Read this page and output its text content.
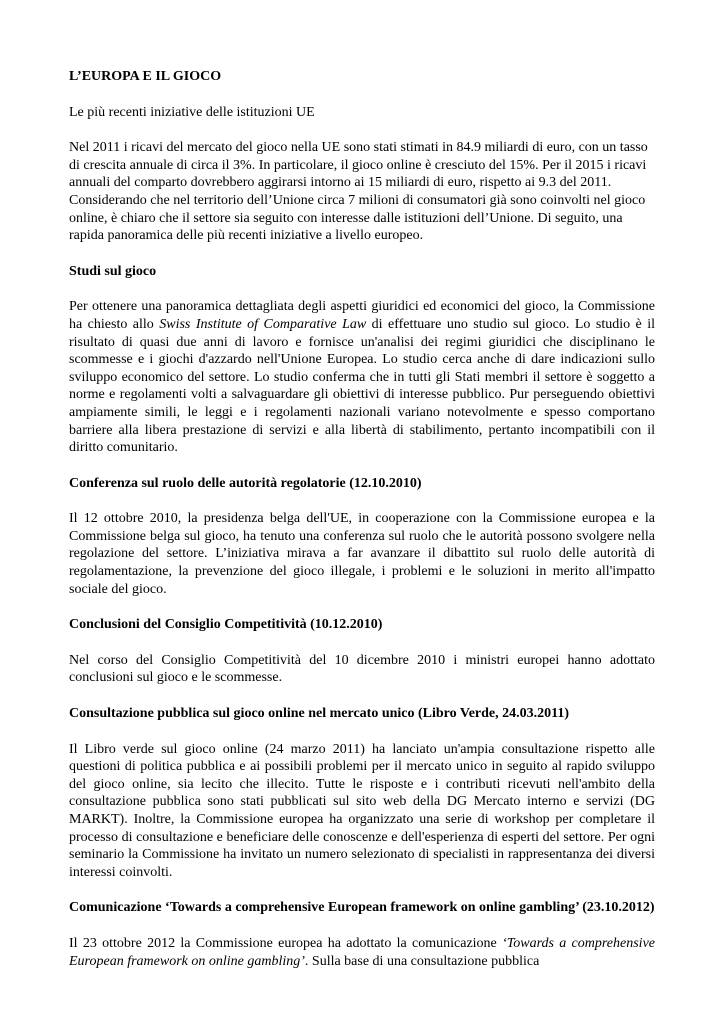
L’EUROPA E IL GIOCO
Le più recenti iniziative delle istituzioni UE

Nel 2011 i ricavi del mercato del gioco nella UE sono stati stimati in 84.9 miliardi di euro, con un tasso di crescita annuale di circa il 3%. In particolare, il gioco online è cresciuto del 15%. Per il 2015 i ricavi annuali del comparto dovrebbero aggirarsi intorno ai 15 miliardi di euro, rispetto ai 9.3 del 2011. Considerando che nel territorio dell’Unione circa 7 milioni di consumatori già sono coinvolti nel gioco online, è chiaro che il settore sia seguito con interesse dalle istituzioni dell’Unione. Di seguito, una rapida panoramica delle più recenti iniziative a livello europeo.

Studi sul gioco

Per ottenere una panoramica dettagliata degli aspetti giuridici ed economici del gioco, la Commissione ha chiesto allo Swiss Institute of Comparative Law di effettuare uno studio sul gioco. Lo studio è il risultato di quasi due anni di lavoro e fornisce un'analisi dei regimi giuridici che disciplinano le scommesse e i giochi d'azzardo nell'Unione Europea. Lo studio cerca anche di dare indicazioni sullo sviluppo economico del settore. Lo studio conferma che in tutti gli Stati membri il settore è soggetto a norme e regolamenti volti a salvaguardare gli obiettivi di interesse pubblico. Pur perseguendo obiettivi ampiamente simili, le leggi e i regolamenti nazionali variano notevolmente e spesso comportano barriere alla libera prestazione di servizi e alla libertà di stabilimento, pertanto incompatibili con il diritto comunitario.

Conferenza sul ruolo delle autorità regolatorie (12.10.2010)

Il 12 ottobre 2010, la presidenza belga dell'UE, in cooperazione con la Commissione europea e la Commissione belga sul gioco, ha tenuto una conferenza sul ruolo che le autorità possono svolgere nella regolazione del settore. L’iniziativa mirava a far avanzare il dibattito sul ruolo delle autorità di regolamentazione, la prevenzione del gioco illegale, i problemi e le soluzioni in merito all'impatto sociale del gioco.

Conclusioni del Consiglio Competitività (10.12.2010)

Nel corso del Consiglio Competitività del 10 dicembre 2010 i ministri europei hanno adottato conclusioni sul gioco e le scommesse.

Consultazione pubblica sul gioco online nel mercato unico (Libro Verde, 24.03.2011)

Il Libro verde sul gioco online (24 marzo 2011) ha lanciato un'ampia consultazione rispetto alle questioni di politica pubblica e ai possibili problemi per il mercato unico in seguito al rapido sviluppo del gioco online, sia lecito che illecito. Tutte le risposte e i contributi ricevuti nell'ambito della consultazione pubblica sono stati pubblicati sul sito web della DG Mercato interno e servizi (DG MARKT). Inoltre, la Commissione europea ha organizzato una serie di workshop per completare il processo di consultazione e beneficiare delle conoscenze e dell'esperienza di esperti del settore. Per ogni seminario la Commissione ha invitato un numero selezionato di specialisti in rappresentanza dei diversi interessi coinvolti.

Comunicazione ‘Towards a comprehensive European framework on online gambling’ (23.10.2012)

Il 23 ottobre 2012 la Commissione europea ha adottato la comunicazione ‘Towards a comprehensive European framework on online gambling’. Sulla base di una consultazione pubblica
